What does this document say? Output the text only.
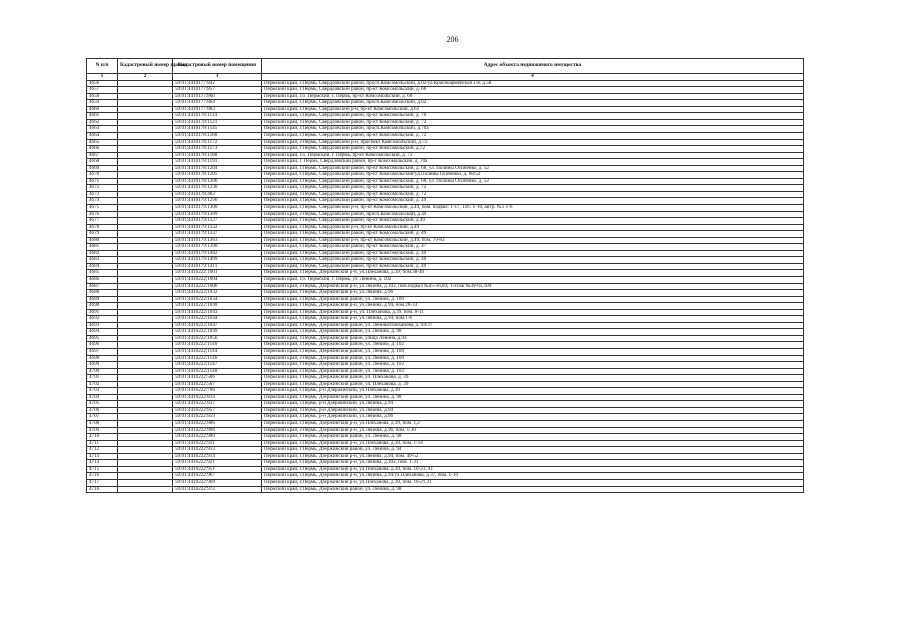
206
N п/п	Кадастровый номер здания	Кадастровый номер помещения	Адрес объекта недвижимого имущества
1	2	3	4
4656		59:01:4410177:842	Пермский край, г.Пермь, Свердловский район, просп.Комсомольский, д.02/ул.Красноармейская 1-я, д.58
4657		59:01:4410177:857	Пермский край, г.Пермь, Свердловский район, пр-кт Комсомольский, д. 66
4658		59:01:4410177:860	Пермский край, г.о. Пермский, г. Пермь, пр-кт Комсомольский, д. 66
4659		59:01:4410177:864	Пермский край, г.Пермь, Свердловский район, просп.Комсомольский, д.62
4660		59:01:4410177:883	Пермский край, г.Пермь, Свердловский р-н, пр-кт Комсомольский, д.62
4661		59:01:4410178:1114	Пермский край, г.Пермь, Свердловский район, пр-кт Комсомольский, д. 70
4662		59:01:4410178:1121	Пермский край, г.Пермь, Свердловский район, пр-кт Комсомольский, д. 72
4663		59:01:4410178:1145	Пермский край, г.Пермь, Свердловский район, просп.Комсомольский, д.70а
4664		59:01:4410178:1160	Пермский край, г.Пермь, Свердловский район, пр-кт Комсомольский, д. 72
4665		59:01:4410178:1172	Пермский край, г.Пермь, Свердловский р-н, проспект Комсомольский, д.72
4666		59:01:4410178:1173	Пермский край, г.Пермь, Свердловский район, пр-кт Комсомольский, д.72
4667		59:01:4410178:1188	Пермский край, г.о. Пермский, г. Пермь, пр-кт Комсомольский, д. 72
4668		59:01:4410178:1191	Пермский край, г. Пермь, Свердловский район, пр-т Комсомольский, д. 70а
4669		59:01:4410178:1204	Пермский край, г.Пермь, Свердловский район, пр-кт Комсомольский, д. 68, ул. Полины Осипенко, д. 52
4670		59:01:4410178:1205	Пермский край, г.Пермь, Свердловский район, пр-кт Комсомольский/ул.Полины Осипенко, д. 68/52
4671		59:01:4410178:1206	Пермский край, г.Пермь, Свердловский район, пр-кт Комсомольский, д. 68, ул. Полины Осипенко, д. 52
4672		59:01:4410178:1230	Пермский край, г.Пермь, Свердловский район, пр-кт Комсомольский, д. 72
4673		59:01:4410178:482	Пермский край, г.Пермь, Свердловский район, пр-кт Комсомольский, д. 72
4674		59:01:4410179:1296	Пермский край, г.Пермь, Свердловский район, пр-кт Комсомольский, д. 49
4675		59:01:4410179:1300	Пермский край, г.Пермь, Свердловский р-н, пр-кт Комсомольский, д.49, пом. подвал: 1-17, 1эт.: 1-10, антр. №1 1-6
4676		59:01:4410179:1309	Пермский край, г.Пермь, Свердловский район, просп.Комсомольский, д.49
4677		59:01:4410179:1327	Пермский край, г.Пермь, Свердловский район, пр-кт Комсомольский, д.49
4678		59:01:4410179:1332	Пермский край, г.Пермь, Свердловский р-н, пр-кт Комсомольский, д.49
4679		59:01:4410179:1337	Пермский край, г.Пермь, Свердловский район, пр-кт Комсомольский, д. 49
4680		59:01:4410179:1363	Пермский край, г.Пермь, Свердловский р-н, пр-кт Комсомольский, д.49, пом. 79-83
4681		59:01:4410179:1390	Пермский край, г.Пермь, Свердловский район, пр-кт Комсомольский, д. 47
4682		59:01:4410179:1402	Пермский край, г.Пермь, Свердловский район, пр-кт Комсомольский, д. 49
4683		59:01:4410179:1409	Пермский край, г.Пермь, Свердловский район, пр-кт Комсомольский, д. 49
4684		59:01:4410179:1411	Пермский край, г.Пермь, Свердловский район, пр-кт Комсомольский, д. 49
4685		59:01:4410222:1001	Пермский край, г.Пермь, Дзержинский р-н, ул.Плеханова, д.39, пом.38-40
4686		59:01:4410222:1004	Пермский край, г.о. Пермский, г. Пермь, ул. Ленина, д. 102
4687		59:01:4410222:1006	Пермский край, г.Пермь, Дзержинский р-н, ул.Ленина, д.102, пом.подвал №45-56,83; 1-этаж №39-65,109
4688		59:01:4410222:1032	Пермский край, г.Пермь, Дзержинский р-н, ул.Ленина, д.96
4689		59:01:4410222:1034	Пермский край, г.Пермь, Дзержинский район, ул. Ленина, д. 100
4690		59:01:4410222:1040	Пермский край, г.Пермь, Дзержинский р-н, ул.Ленина, д.94, пом.28-33
4691		59:01:4410222:1043	Пермский край, г.Пермь, Дзержинский р-н, ул. Плеханова, д.39, пом. 8-11
4692		59:01:4410222:1044	Пермский край, г.Пермь, Дзержинский р-н, ул.Ленина, д.94, пом.1-6
4693		59:01:4410222:1047	Пермский край, г.Пермь, Дзержинский район, ул. Ленина/Плеханова, д. 94/37
4694		59:01:4410222:1049	Пермский край, г.Пермь, Дзержинский район, ул. Ленина, д. 98
4695		59:01:4410222:1056	Пермский край, г.Пермь, Дзержинский район, улица Ленина, д.94
4696		59:01:4410222:1140	Пермский край, г.Пермь, Дзержинский район, ул. Ленина, д. 102
4697		59:01:4410222:1144	Пермский край, г.Пермь, Дзержинский район, ул. Ленина, д. 100
4698		59:01:4410222:1146	Пермский край, г.Пермь, Дзержинский район, ул. Ленина, д. 100
4699		59:01:4410222:1147	Пермский край, г.Пермь, Дзержинский район, ул. Ленина, д. 102
4700		59:01:4410222:1148	Пермский край, г.Пермь, Дзержинский район, ул. Ленина, д. 102
4701		59:01:4410222:506	Пермский край, г.Пермь, Дзержинский район, ул. Плеханова, д. 39
4702		59:01:4410222:507	Пермский край, г.Пермь, Дзержинский район, ул. Плеханова, д. 39
4703		59:01:4410222:796	Пермский край, г.Пермь, р-н Дзержинский, ул.Плеханова, д.39
4704		59:01:4410222:814	Пермский край, г.Пермь, Дзержинский район, ул. Ленина, д. 98
4705		59:01:4410222:837	Пермский край, г.Пермь, р-н Дзержинский, ул.Ленина, д.94
4706		59:01:4410222:857	Пермский край, г.Пермь, р-н Дзержинский, ул.Ленина, д.94
4707		59:01:4410222:859	Пермский край, г.Пермь, р-н Дзержинский, ул.Ленина, д.96
4708		59:01:4410222:886	Пермский край, г.Пермь, Дзержинский р-н, ул.Плеханова, д.39, пом. 1,2
4709		59:01:4410222:898	Пермский край, г.Пермь, Дзержинский р-н, ул.Ленина, д.96, пом. 1-30
4710		59:01:4410222:900	Пермский край, г.Пермь, Дзержинский район, ул. Ленина, д. 98
4711		59:01:4410222:911	Пермский край, г.Пермь, Дзержинский р-н, ул.Плеханова, д.39, пом. 1-14
4712		59:01:4410222:913	Пермский край, г.Пермь, Дзержинский район, ул. Ленина, д. 94
4713		59:01:4410222:914	Пермский край, г.Пермь, Дзержинский р-н, ул.Ленина, д.94, пом. 49-52
4714		59:01:4410222:921	Пермский край, г.Пермь, Дзержинский р-н, ул.Ленина, д.102, пом. 1-31
4715		59:01:4410222:951	Пермский край, г.Пермь, Дзержинский р-н, ул.Плеханова, д.39, пом. 10-23, 41
4716		59:01:4410222:967	Пермский край, г.Пермь, Дзержинский р-н, ул.Ленина, д.94/ул.Плеханова, д.37, пом. 1-10
4717		59:01:4410222:968	Пермский край, г.Пермь, Дзержинский р-н, ул.Плеханова, д.39, пом. 16-21,31
4718		59:01:4410222:972	Пермский край, г.Пермь, Дзержинский район, ул. Ленина, д. 98
